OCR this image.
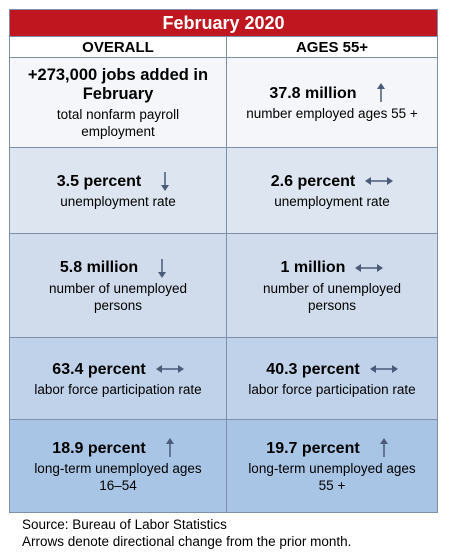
February 2020
OVERALL	AGES 55+
+273,000 jobs added in February
total nonfarm payroll employment
37.8 million
number employed ages 55 +
3.5 percent
unemployment rate
2.6 percent
unemployment rate
5.8 million
number of unemployed persons
1 million
number of unemployed persons
63.4 percent
labor force participation rate
40.3 percent
labor force participation rate
18.9 percent
long-term unemployed ages 16–54
19.7 percent
long-term unemployed ages 55 +
Source: Bureau of Labor Statistics
Arrows denote directional change from the prior month.
